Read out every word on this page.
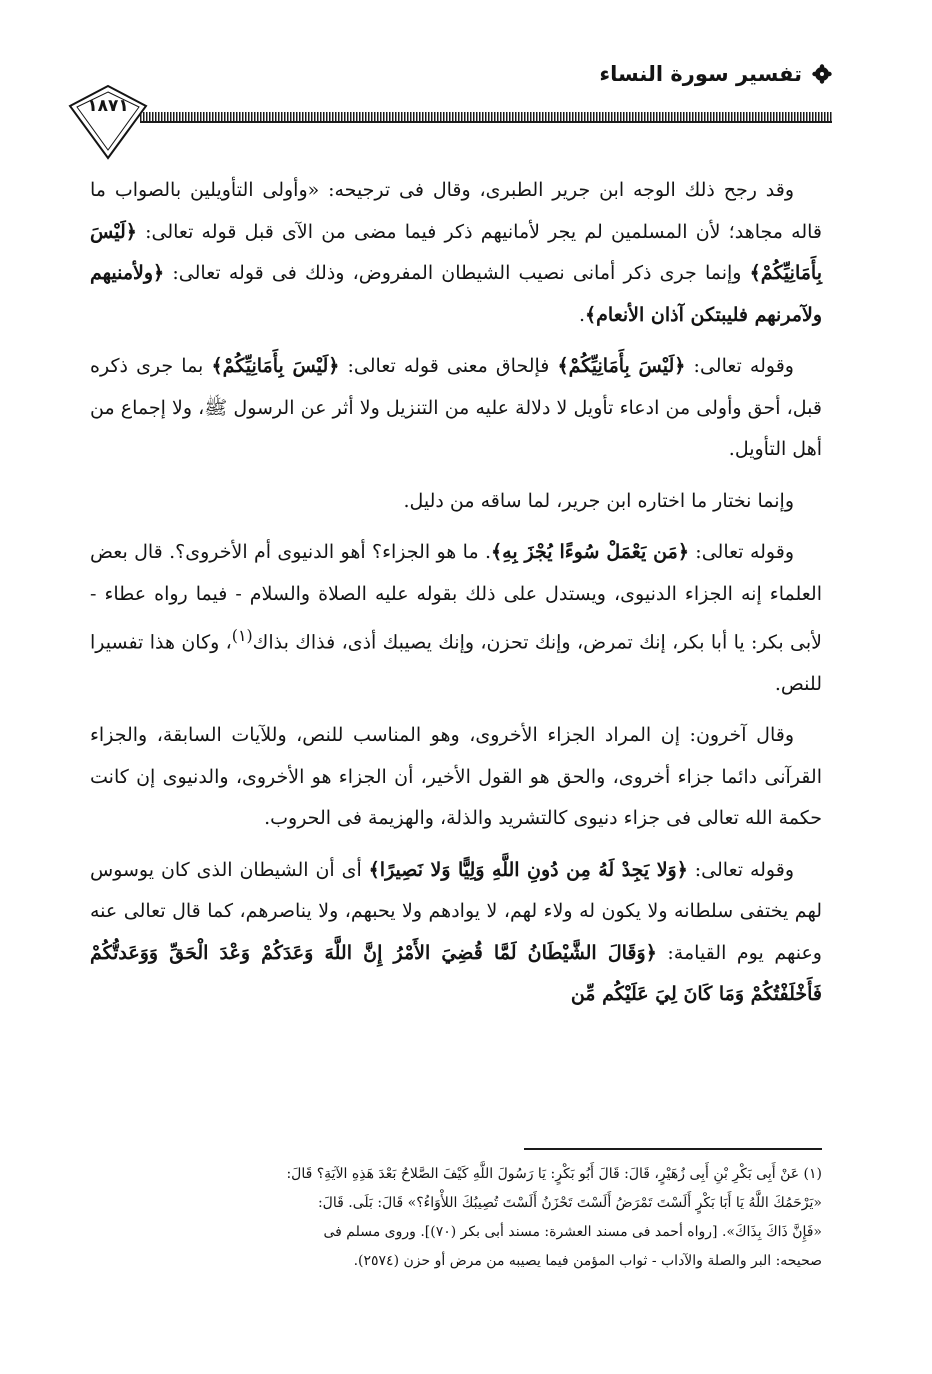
تفسير سورة النساء
١٨٧١

وقد رجح ذلك الوجه ابن جرير الطبرى، وقال فى ترجيحه: «وأولى التأويلين بالصواب ما قاله مجاهد؛ لأن المسلمين لم يجر لأمانيهم ذكر فيما مضى من الآى قبل قوله تعالى: ﴿لَيْسَ بِأَمَانِيِّكُمْ﴾ وإنما جرى ذكر أمانى نصيب الشيطان المفروض، وذلك فى قوله تعالى: ﴿ولأمنيهم ولآمرنهم فليبتكن آذان الأنعام﴾.

وقوله تعالى: ﴿لَيْسَ بِأَمَانِيِّكُمْ﴾ فإلحاق معنى قوله تعالى: ﴿لَيْسَ بِأَمَانِيِّكُمْ﴾ بما جرى ذكره قبل، أحق وأولى من ادعاء تأويل لا دلالة عليه من التنزيل ولا أثر عن الرسول ﷺ، ولا إجماع من أهل التأويل.

وإنما نختار ما اختاره ابن جرير، لما ساقه من دليل.

وقوله تعالى: ﴿مَن يَعْمَلْ سُوءًا يُجْزَ بِهِ﴾. ما هو الجزاء؟ أهو الدنيوى أم الأخروى؟. قال بعض العلماء إنه الجزاء الدنيوى، ويستدل على ذلك بقوله عليه الصلاة والسلام - فيما رواه عطاء - لأبى بكر: يا أبا بكر، إنك تمرض، وإنك تحزن، وإنك يصيبك أذى، فذاك بذاك$^{(١)}$، وكان هذا تفسيرا للنص.

وقال آخرون: إن المراد الجزاء الأخروى، وهو المناسب للنص، وللآيات السابقة، والجزاء القرآنى دائما جزاء أخروى، والحق هو القول الأخير، أن الجزاء هو الأخروى، والدنيوى إن كانت حكمة الله تعالى فى جزاء دنيوى كالتشريد والذلة، والهزيمة فى الحروب.

وقوله تعالى: ﴿وَلا يَجِدْ لَهُ مِن دُونِ اللَّهِ وَلِيًّا وَلا نَصِيرًا﴾ أى أن الشيطان الذى كان يوسوس لهم يختفى سلطانه ولا يكون له ولاء لهم، لا يوادهم ولا يحبهم، ولا يناصرهم، كما قال تعالى عنه وعنهم يوم القيامة: ﴿وَقَالَ الشَّيْطَانُ لَمَّا قُضِيَ الأَمْرُ إِنَّ اللَّهَ وَعَدَكُمْ وَعْدَ الْحَقِّ وَوَعَدتُّكُمْ فَأَخْلَفْتُكُمْ وَمَا كَانَ لِيَ عَلَيْكُم مِّن

(١) عَنْ أَبِى بَكْرِ بْنِ أَبِى زُهَيْرٍ، قَالَ: قَالَ أَبُو بَكْرٍ: يَا رَسُولَ اللَّهِ كَيْفَ الصَّلاحُ بَعْدَ هَذِهِ الآيَةِ؟ قَالَ:

«يَرْحَمُكَ اللَّهُ يَا أَبَا بَكْرٍ أَلَسْتَ تَمْرَضُ أَلَسْتَ تَحْزَنُ أَلَسْتَ تُصِيبُكَ اللأْوَاءُ؟» قَالَ: بَلَى. قَالَ:

«فَإِنَّ ذَاكَ بِذَاكَ». [رواه أحمد فى مسند العشرة: مسند أبى بكر (٧٠)]. وروى مسلم فى

صحيحه: البر والصلة والآداب - ثواب المؤمن فيما يصيبه من مرض أو حزن (٢٥٧٤).
